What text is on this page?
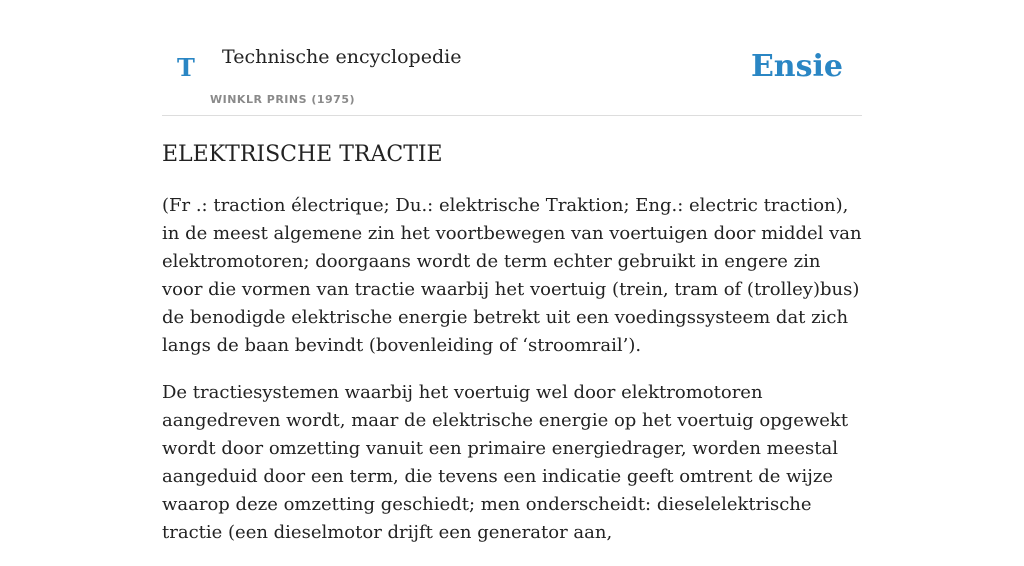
T Technische encyclopedie
WINKLR PRINS (1975)
Ensie
ELEKTRISCHE TRACTIE

(Fr .: traction électrique; Du.: elektrische Traktion; Eng.: electric traction), in de meest algemene zin het voortbewegen van voertuigen door middel van elektromotoren; doorgaans wordt de term echter gebruikt in engere zin voor die vormen van tractie waarbij het voertuig (trein, tram of (trolley)bus) de benodigde elektrische energie betrekt uit een voedingssysteem dat zich langs de baan bevindt (bovenleiding of ‘stroomrail’).

De tractiesystemen waarbij het voertuig wel door elektromotoren aangedreven wordt, maar de elektrische energie op het voertuig opgewekt wordt door omzetting vanuit een primaire energiedrager, worden meestal aangeduid door een term, die tevens een indicatie geeft omtrent de wijze waarop deze omzetting geschiedt; men onderscheidt: dieselelektrische tractie (een dieselmotor drijft een generator aan,
